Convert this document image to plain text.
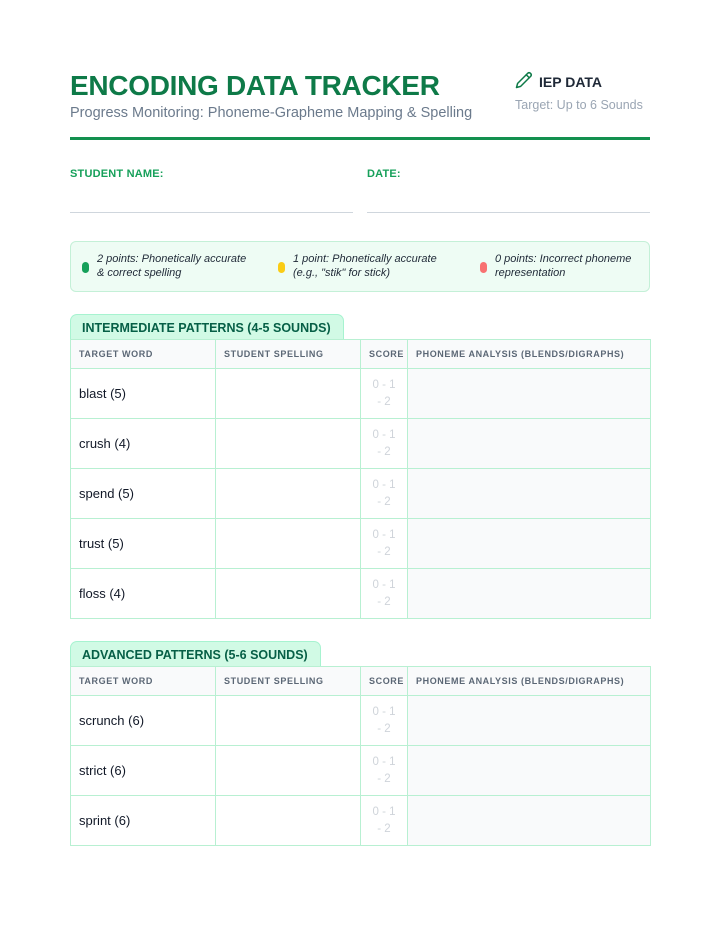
ENCODING DATA TRACKER
Progress Monitoring: Phoneme-Grapheme Mapping & Spelling
IEP DATA
Target: Up to 6 Sounds
STUDENT NAME:	DATE:
2 points: Phonetically accurate
& correct spelling
1 point: Phonetically accurate
(e.g., "stik" for stick)
0 points: Incorrect phoneme
representation
INTERMEDIATE PATTERNS (4-5 SOUNDS)
TARGET WORD	STUDENT SPELLING	SCORE	PHONEME ANALYSIS (BLENDS/DIGRAPHS)
blast (5)		0 - 1
- 2	

crush (4)		0 - 1
- 2	

spend (5)		0 - 1
- 2	

trust (5)		0 - 1
- 2	

floss (4)		0 - 1
- 2	

ADVANCED PATTERNS (5-6 SOUNDS)
TARGET WORD	STUDENT SPELLING	SCORE	PHONEME ANALYSIS (BLENDS/DIGRAPHS)
scrunch (6)		0 - 1
- 2	

strict (6)		0 - 1
- 2	

sprint (6)		0 - 1
- 2	
